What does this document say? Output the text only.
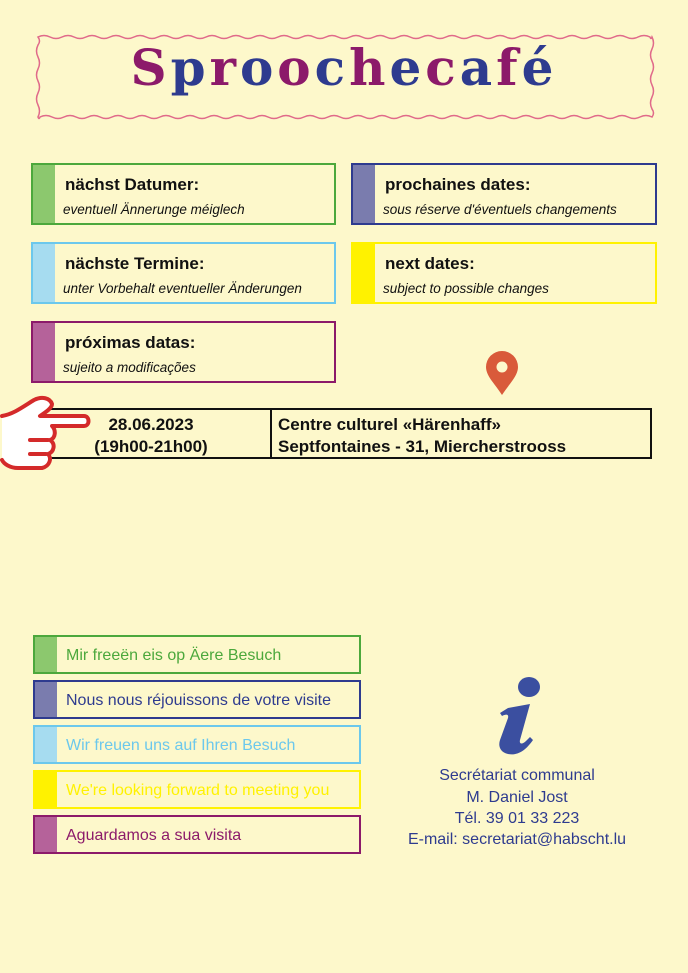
Sproochecafé
nächst Datumer:
eventuell Ännerunge méiglech
prochaines dates:
sous réserve d'éventuels changements
nächste Termine:
unter Vorbehalt eventueller Änderungen
next dates:
subject to possible changes
próximas datas:
sujeito a modificações
28.06.2023
(19h00-21h00)
Centre culturel «Härenhaff»
Septfontaines - 31, Miercherstrooss
Mir freeën eis op Äere Besuch
Nous nous réjouissons de votre visite
Wir freuen uns auf Ihren Besuch
We're looking forward to meeting you
Aguardamos a sua visita
Secrétariat communal
M. Daniel Jost
Tél. 39 01 33 223
E-mail: secretariat@habscht.lu
